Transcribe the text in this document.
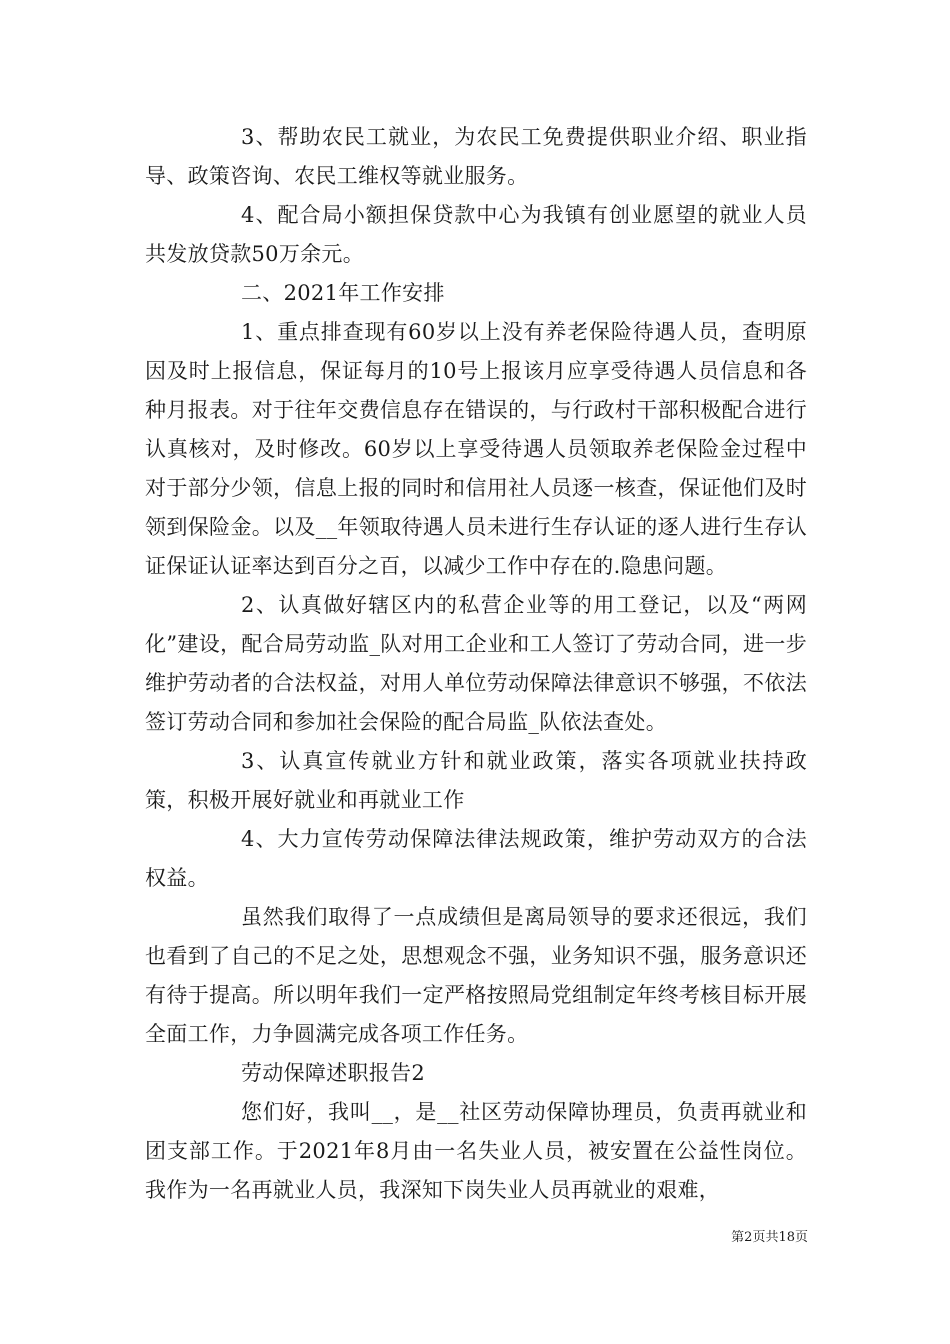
3、帮助农民工就业，为农民工免费提供职业介绍、职业指导、政策咨询、农民工维权等就业服务。

4、配合局小额担保贷款中心为我镇有创业愿望的就业人员共发放贷款50万余元。

二、2021年工作安排

1、重点排查现有60岁以上没有养老保险待遇人员，查明原因及时上报信息，保证每月的10号上报该月应享受待遇人员信息和各种月报表。对于往年交费信息存在错误的，与行政村干部积极配合进行认真核对，及时修改。60岁以上享受待遇人员领取养老保险金过程中对于部分少领，信息上报的同时和信用社人员逐一核查，保证他们及时领到保险金。以及__年领取待遇人员未进行生存认证的逐人进行生存认证保证认证率达到百分之百，以减少工作中存在的.隐患问题。

2、认真做好辖区内的私营企业等的用工登记，以及“两网化”建设，配合局劳动监_队对用工企业和工人签订了劳动合同，进一步维护劳动者的合法权益，对用人单位劳动保障法律意识不够强，不依法签订劳动合同和参加社会保险的配合局监_队依法查处。

3、认真宣传就业方针和就业政策，落实各项就业扶持政策，积极开展好就业和再就业工作

4、大力宣传劳动保障法律法规政策，维护劳动双方的合法权益。

虽然我们取得了一点成绩但是离局领导的要求还很远，我们也看到了自己的不足之处，思想观念不强，业务知识不强，服务意识还有待于提高。所以明年我们一定严格按照局党组制定年终考核目标开展全面工作，力争圆满完成各项工作任务。

劳动保障述职报告2

您们好，我叫__，是__社区劳动保障协理员，负责再就业和团支部工作。于2021年8月由一名失业人员，被安置在公益性岗位。我作为一名再就业人员，我深知下岗失业人员再就业的艰难，

第2页共18页
